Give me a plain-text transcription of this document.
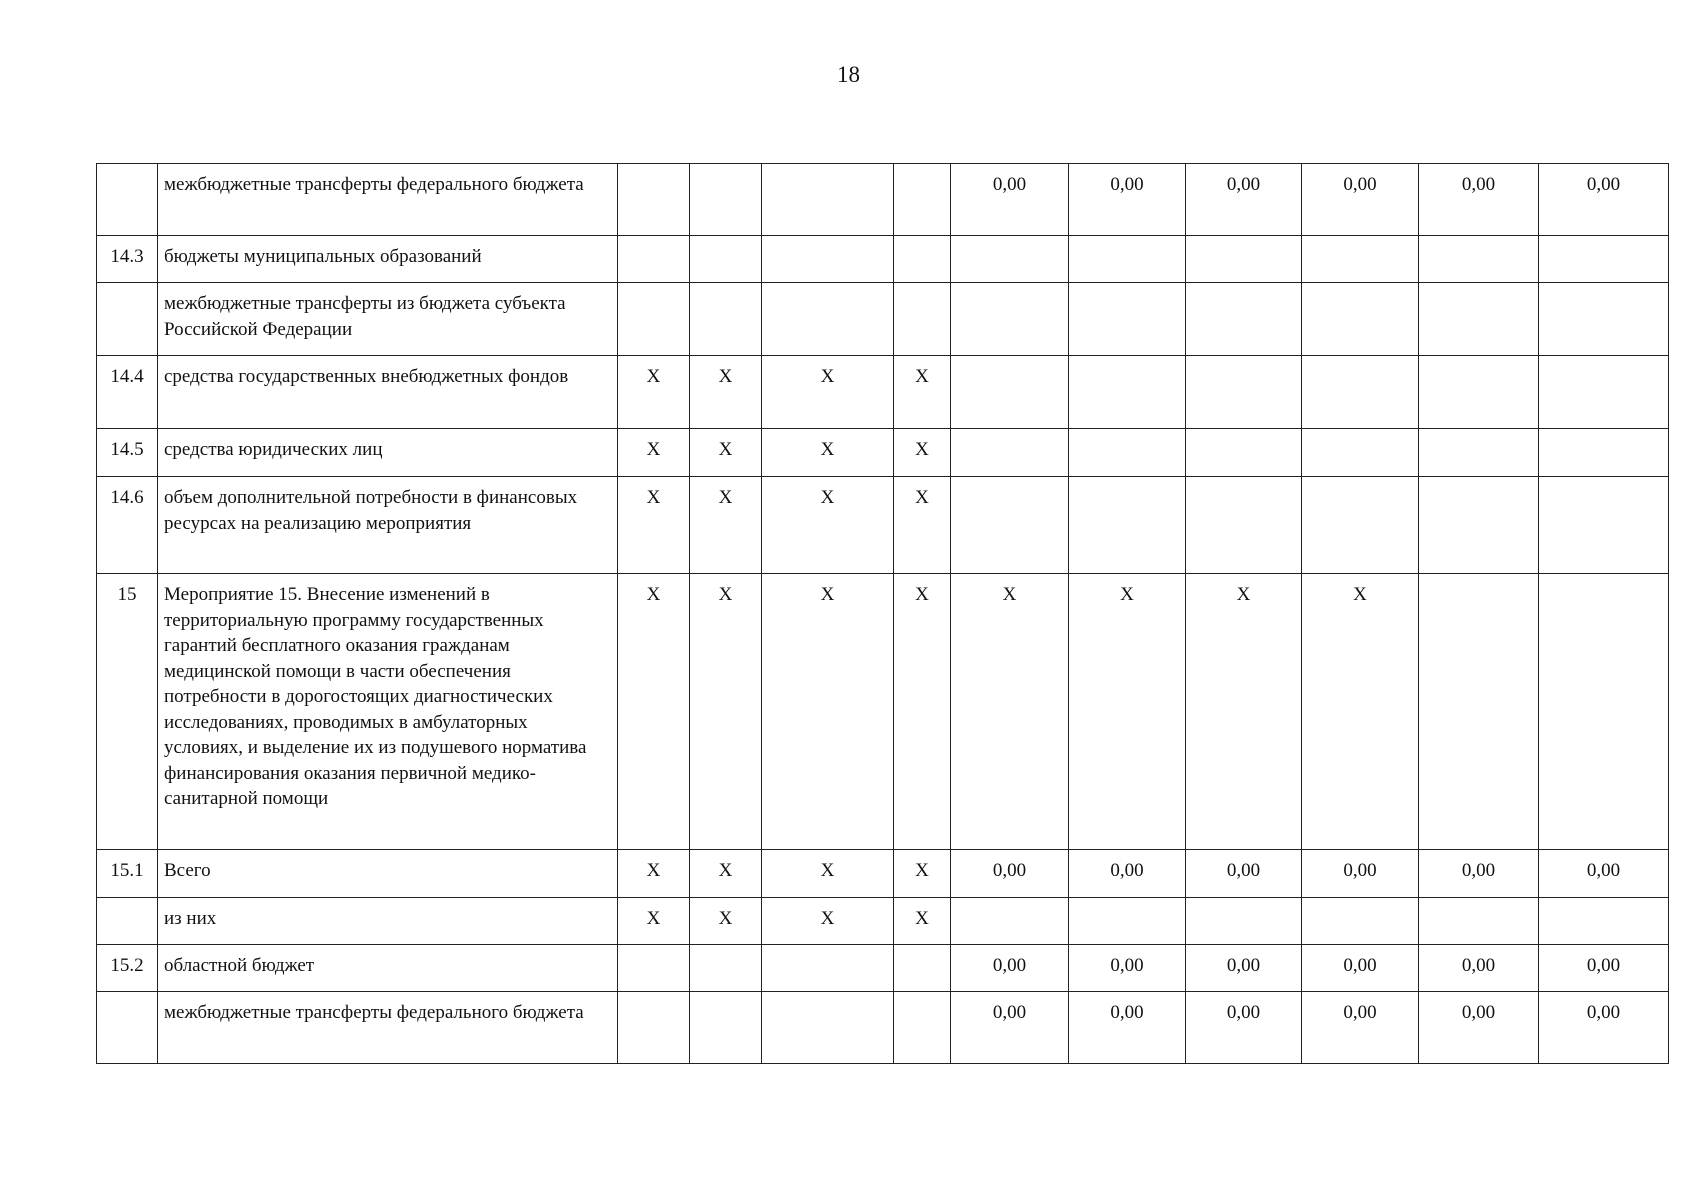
18
	межбюджетные трансферты федерального бюджета					0,00	0,00	0,00	0,00	0,00	0,00
14.3	бюджеты муниципальных образований										
	межбюджетные трансферты из бюджета субъекта Российской Федерации										
14.4	средства государственных внебюджетных фондов	X	X	X	X						
14.5	средства юридических лиц	X	X	X	X						
14.6	объем дополнительной потребности в финансовых ресурсах на реализацию мероприятия	X	X	X	X						
15	Мероприятие 15. Внесение изменений в территориальную программу государственных гарантий бесплатного оказания гражданам медицинской помощи в части обеспечения потребности в дорогостоящих диагностических исследованиях, проводимых в амбулаторных условиях, и выделение их из подушевого норматива финансирования оказания первичной медико-санитарной помощи	X	X	X	X	X	X	X	X		
15.1	Всего	X	X	X	X	0,00	0,00	0,00	0,00	0,00	0,00
	из них	X	X	X	X						
15.2	областной бюджет					0,00	0,00	0,00	0,00	0,00	0,00
	межбюджетные трансферты федерального бюджета					0,00	0,00	0,00	0,00	0,00	0,00
